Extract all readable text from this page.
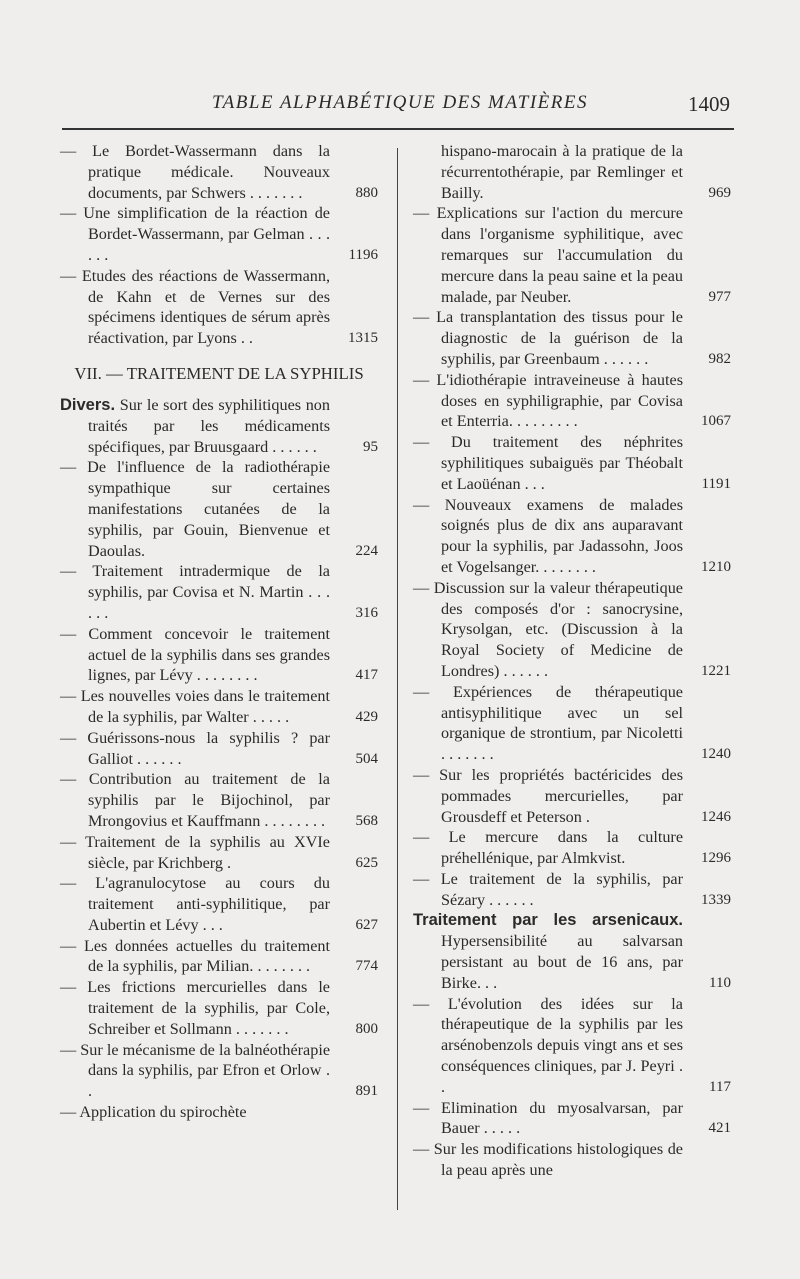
TABLE ALPHABÉTIQUE DES MATIÈRES	1409
— Le Bordet-Wassermann dans la pratique médicale. Nouveaux documents, par Schwers . . . . . . .	880
— Une simplification de la réaction de Bordet-Wassermann, par Gelman . . . . . .	1196
— Etudes des réactions de Wassermann, de Kahn et de Vernes sur des spécimens identiques de sérum après réactivation, par Lyons . .	1315
VII. — TRAITEMENT DE LA SYPHILIS
Divers. Sur le sort des syphilitiques non traités par les médicaments spécifiques, par Bruusgaard . . . . . .	95
— De l'influence de la radiothérapie sympathique sur certaines manifestations cutanées de la syphilis, par Gouin, Bienvenue et Daoulas.	224
— Traitement intradermique de la syphilis, par Covisa et N. Martin . . . . . .	316
— Comment concevoir le traitement actuel de la syphilis dans ses grandes lignes, par Lévy . . . . . . . .	417
— Les nouvelles voies dans le traitement de la syphilis, par Walter . . . . .	429
— Guérissons-nous la syphilis ? par Galliot . . . . . .	504
— Contribution au traitement de la syphilis par le Bijochinol, par Mrongovius et Kauffmann . . . . . . . .	568
— Traitement de la syphilis au XVIe siècle, par Krichberg .	625
— L'agranulocytose au cours du traitement anti-syphilitique, par Aubertin et Lévy . . .	627
— Les données actuelles du traitement de la syphilis, par Milian. . . . . . . .	774
— Les frictions mercurielles dans le traitement de la syphilis, par Cole, Schreiber et Sollmann . . . . . . .	800
— Sur le mécanisme de la balnéothérapie dans la syphilis, par Efron et Orlow . .	891
— Application du spirochète
hispano-marocain à la pratique de la récurrentothérapie, par Remlinger et Bailly.	969
— Explications sur l'action du mercure dans l'organisme syphilitique, avec remarques sur l'accumulation du mercure dans la peau saine et la peau malade, par Neuber.	977
— La transplantation des tissus pour le diagnostic de la guérison de la syphilis, par Greenbaum . . . . . .	982
— L'idiothérapie intraveineuse à hautes doses en syphiligraphie, par Covisa et Enterria. . . . . . . . .	1067
— Du traitement des néphrites syphilitiques subaiguës par Théobalt et Laoüénan . . .	1191
— Nouveaux examens de malades soignés plus de dix ans auparavant pour la syphilis, par Jadassohn, Joos et Vogelsanger. . . . . . . .	1210
— Discussion sur la valeur thérapeutique des composés d'or : sanocrysine, Krysolgan, etc. (Discussion à la Royal Society of Medicine de Londres) . . . . . .	1221
— Expériences de thérapeutique antisyphilitique avec un sel organique de strontium, par Nicoletti . . . . . . .	1240
— Sur les propriétés bactéricides des pommades mercurielles, par Grousdeff et Peterson .	1246
— Le mercure dans la culture préhellénique, par Almkvist.	1296
— Le traitement de la syphilis, par Sézary . . . . . .	1339
Traitement par les arsenicaux. Hypersensibilité au salvarsan persistant au bout de 16 ans, par Birke. . .	110
— L'évolution des idées sur la thérapeutique de la syphilis par les arsénobenzols depuis vingt ans et ses conséquences cliniques, par J. Peyri . .	117
— Elimination du myosalvarsan, par Bauer . . . . .	421
— Sur les modifications histologiques de la peau après une
